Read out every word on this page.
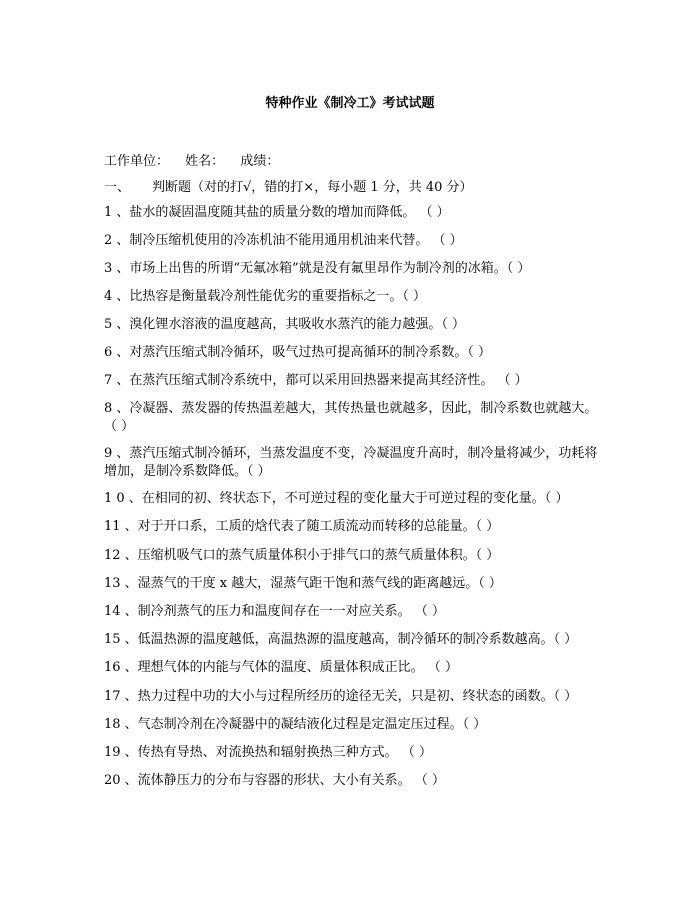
特种作业《制冷工》考试试题
工作单位： 姓名： 成绩：
一、 判断题（对的打√，错的打×，每小题 1 分，共 40 分）
1 、盐水的凝固温度随其盐的质量分数的增加而降低。 （ ）
2 、制冷压缩机使用的冷冻机油不能用通用机油来代替。 （ ）
3 、市场上出售的所谓“无氟冰箱”就是没有氟里昂作为制冷剂的冰箱。（ ）
4 、比热容是衡量载冷剂性能优劣的重要指标之一。（ ）
5 、溴化锂水溶液的温度越高，其吸收水蒸汽的能力越强。（ ）
6 、对蒸汽压缩式制冷循环，吸气过热可提高循环的制冷系数。（ ）
7 、在蒸汽压缩式制冷系统中，都可以采用回热器来提高其经济性。 （ ）
8 、冷凝器、蒸发器的传热温差越大，其传热量也就越多，因此，制冷系数也就越大。 （ ）
9 、蒸汽压缩式制冷循环，当蒸发温度不变，冷凝温度升高时，制冷量将减少，功耗将增加，是制冷系数降低。（ ）
1 0 、在相同的初、终状态下，不可逆过程的变化量大于可逆过程的变化量。（ ）
11 、对于开口系，工质的焓代表了随工质流动而转移的总能量。（ ）
12 、压缩机吸气口的蒸气质量体积小于排气口的蒸气质量体积。（ ）
13 、湿蒸气的干度 x 越大，湿蒸气距干饱和蒸气线的距离越远。（ ）
14 、制冷剂蒸气的压力和温度间存在一一对应关系。 （ ）
15 、低温热源的温度越低，高温热源的温度越高，制冷循环的制冷系数越高。（ ）
16 、理想气体的内能与气体的温度、质量体积成正比。 （ ）
17 、热力过程中功的大小与过程所经历的途径无关，只是初、终状态的函数。（ ）
18 、气态制冷剂在冷凝器中的凝结液化过程是定温定压过程。（ ）
19 、传热有导热、对流换热和辐射换热三种方式。 （ ）
20 、流体静压力的分布与容器的形状、大小有关系。 （ ）
